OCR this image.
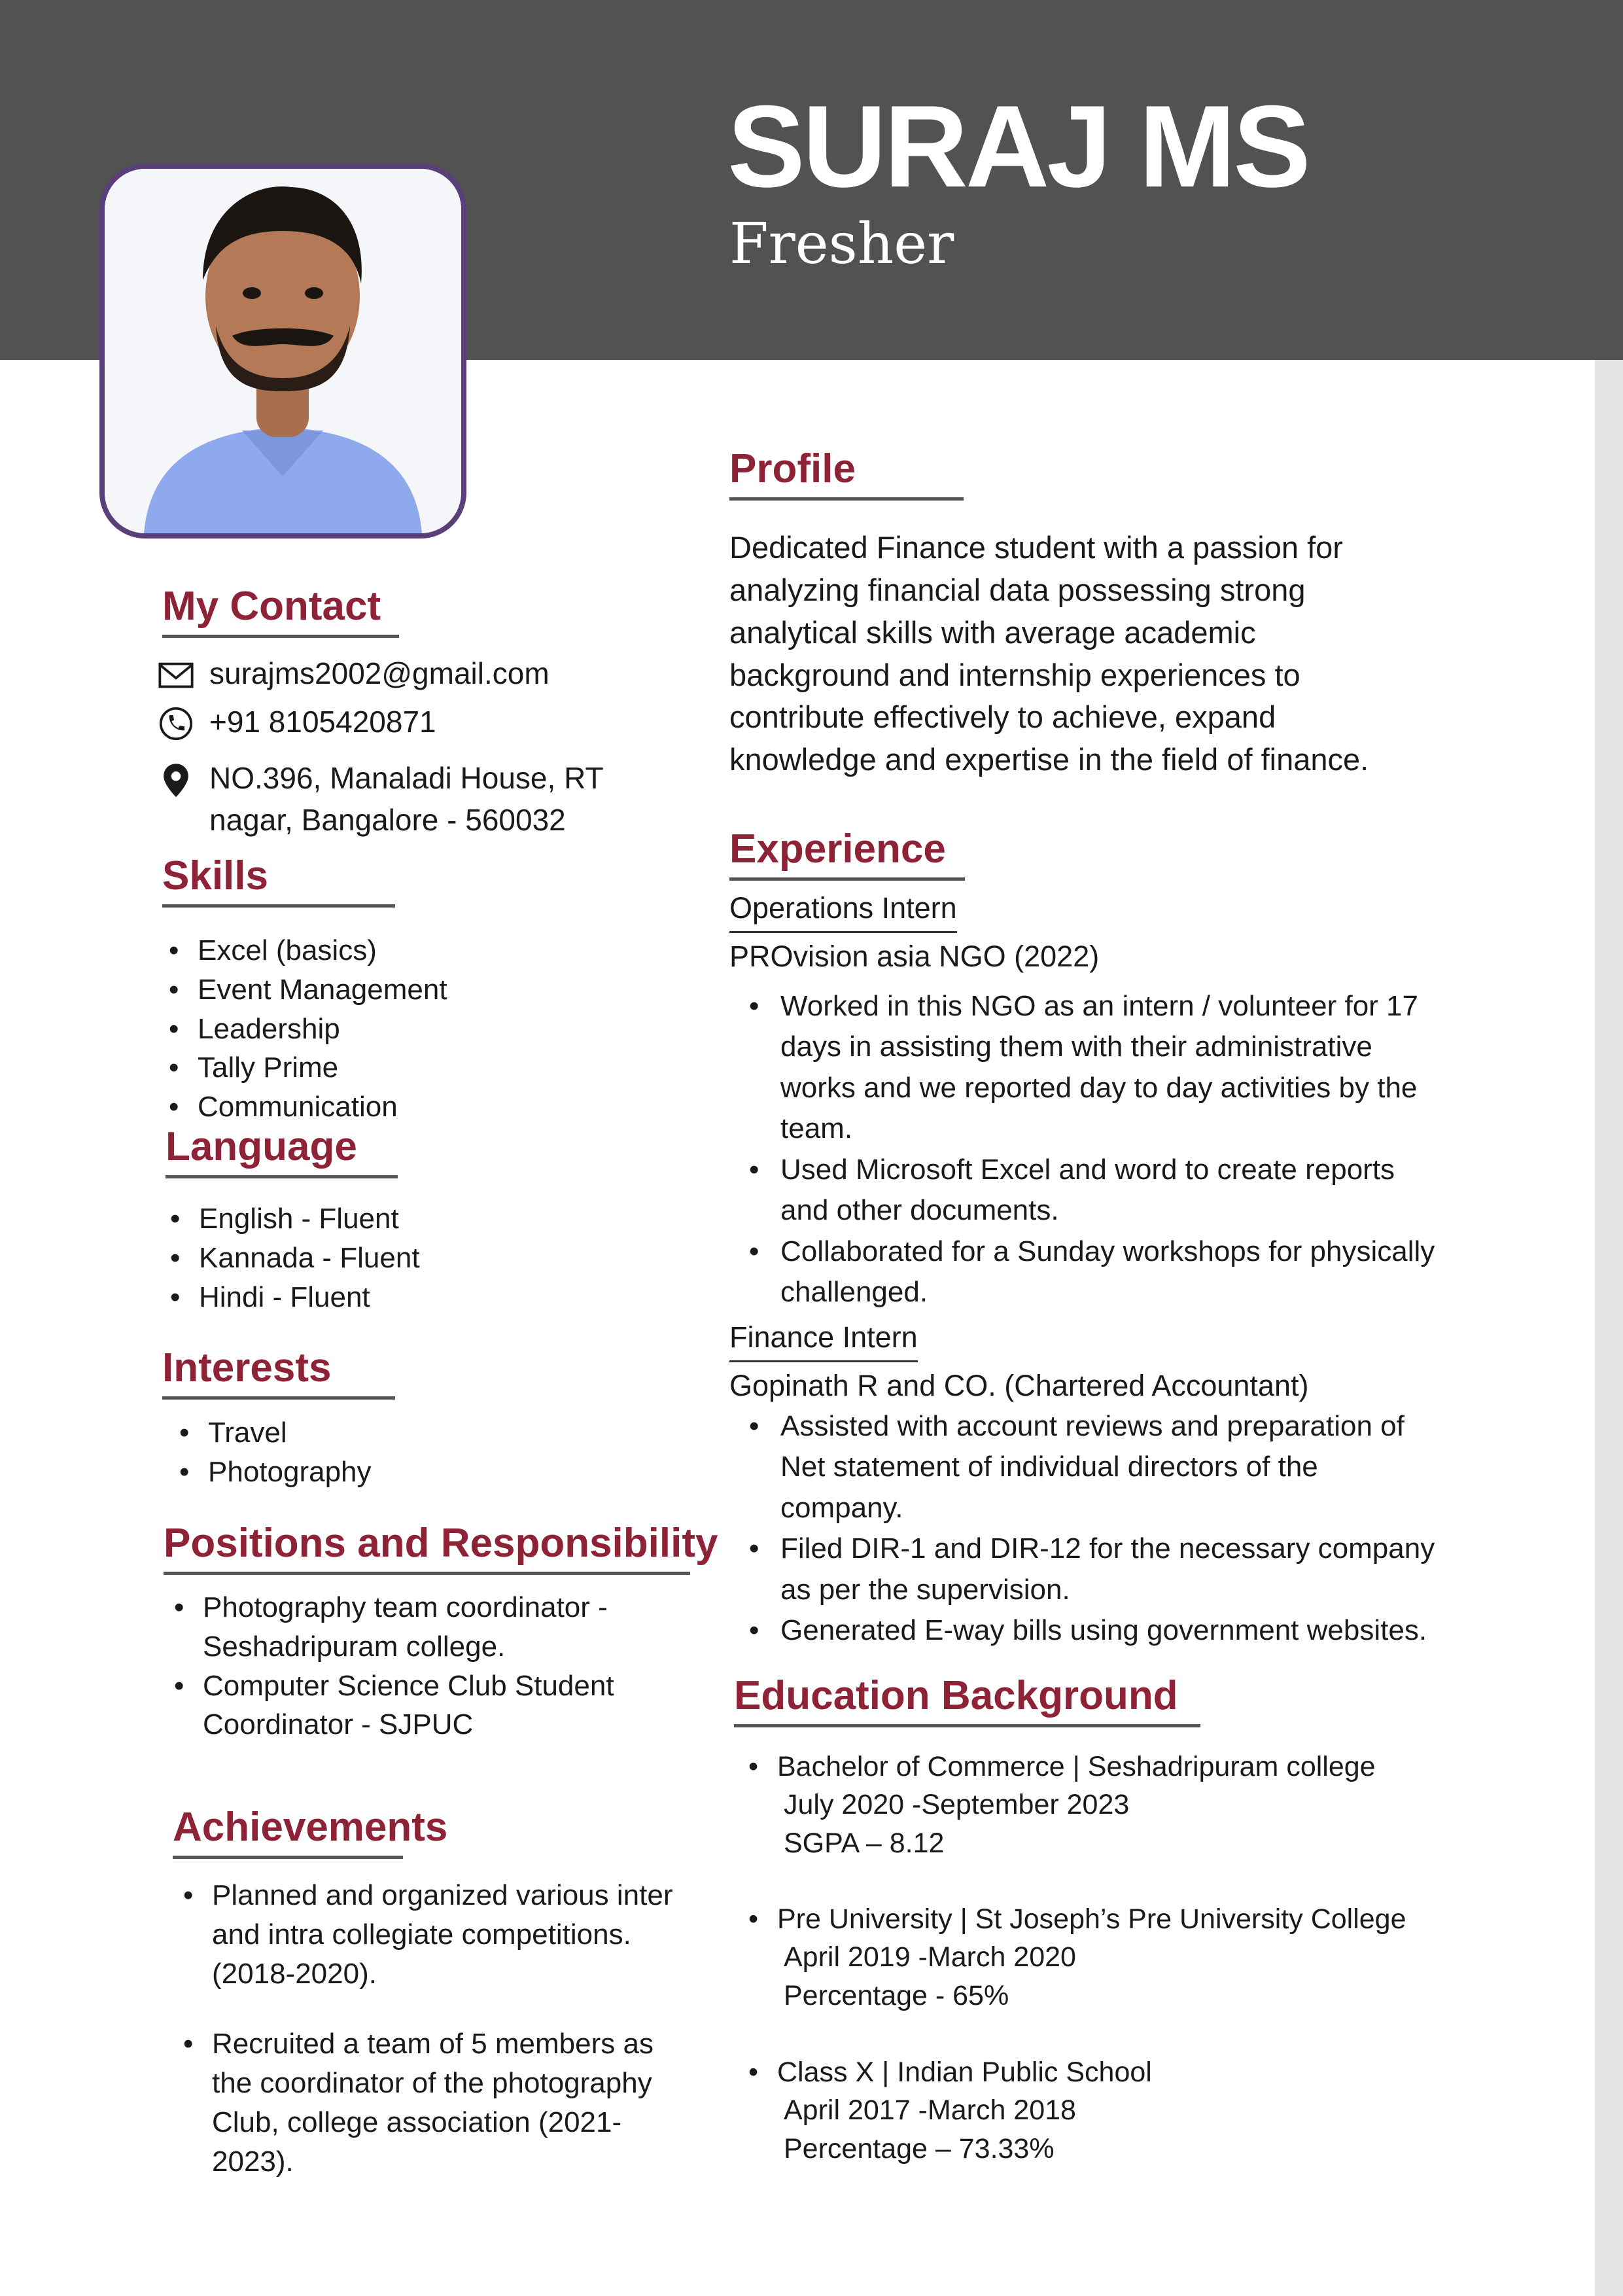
SURAJ MS
Fresher
My Contact
surajms2002@gmail.com
+91 8105420871
NO.396, Manaladi House, RT
nagar, Bangalore - 560032
Skills
• Excel (basics)
• Event Management
• Leadership
• Tally Prime
• Communication
Language
• English - Fluent
• Kannada - Fluent
• Hindi - Fluent
Interests
• Travel
• Photography
Positions and Responsibility
• Photography team coordinator -
Seshadripuram college.
• Computer Science Club Student
Coordinator - SJPUC
Achievements
• Planned and organized various inter
and intra collegiate competitions.
(2018-2020).
• Recruited a team of 5 members as
the coordinator of the photography
Club, college association (2021-
2023).
Profile
Dedicated Finance student with a passion for
analyzing financial data possessing strong
analytical skills with average academic
background and internship experiences to
contribute effectively to achieve, expand
knowledge and expertise in the field of finance.
Experience
Operations Intern
PROvision asia NGO (2022)
• Worked in this NGO as an intern / volunteer for 17
days in assisting them with their administrative
works and we reported day to day activities by the
team.
• Used Microsoft Excel and word to create reports
and other documents.
• Collaborated for a Sunday workshops for physically
challenged.
Finance Intern
Gopinath R and CO. (Chartered Accountant)
• Assisted with account reviews and preparation of
Net statement of individual directors of the
company.
• Filed DIR-1 and DIR-12 for the necessary company
as per the supervision.
• Generated E-way bills using government websites.
Education Background
• Bachelor of Commerce | Seshadripuram college
July 2020 -September 2023
SGPA – 8.12
• Pre University | St Joseph’s Pre University College
April 2019 -March 2020
Percentage - 65%
• Class X | Indian Public School
April 2017 -March 2018
Percentage – 73.33%
